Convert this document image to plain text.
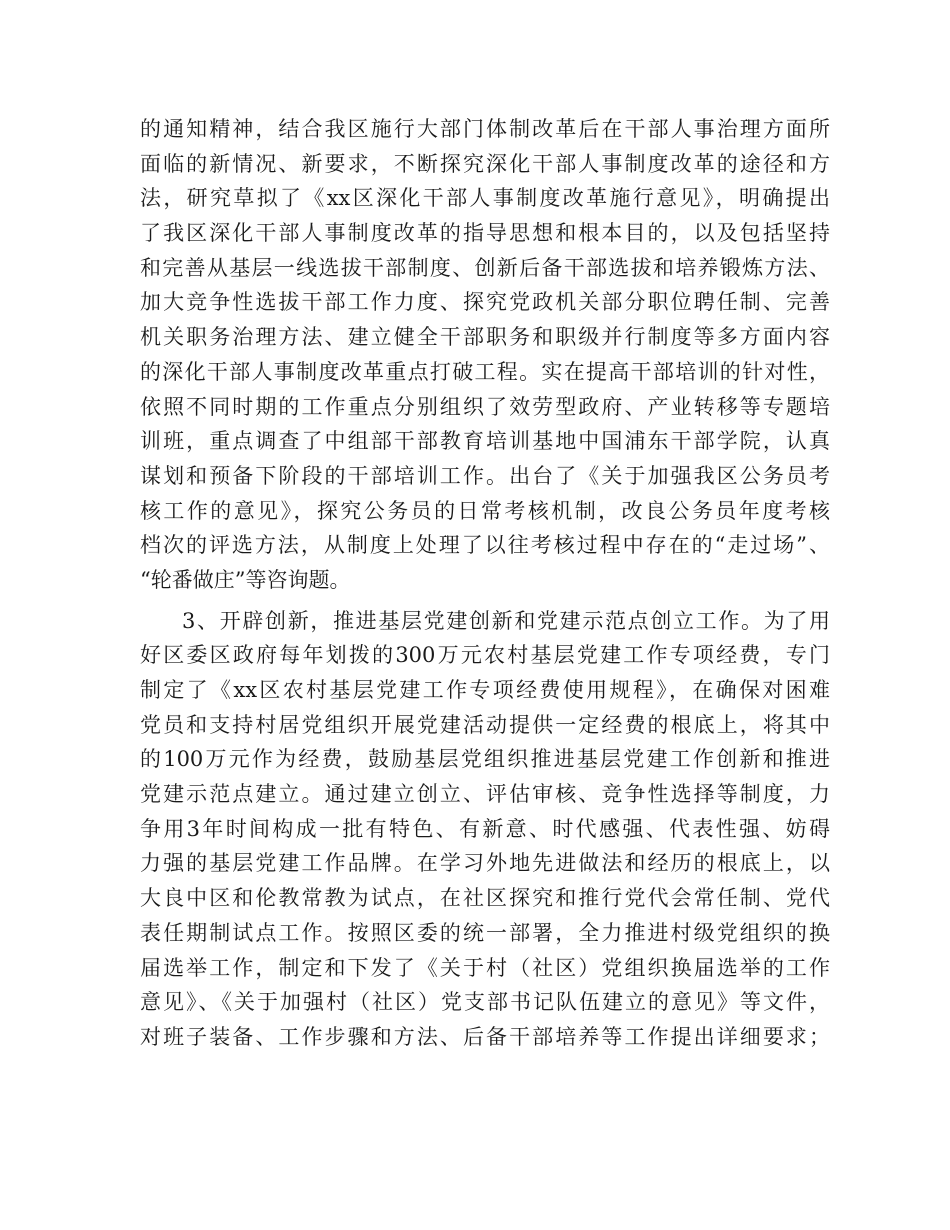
的通知精神，结合我区施行大部门体制改革后在干部人事治理方面所
面临的新情况、新要求，不断探究深化干部人事制度改革的途径和方
法，研究草拟了《xx区深化干部人事制度改革施行意见》，明确提出
了我区深化干部人事制度改革的指导思想和根本目的，以及包括坚持
和完善从基层一线选拔干部制度、创新后备干部选拔和培养锻炼方法、
加大竞争性选拔干部工作力度、探究党政机关部分职位聘任制、完善
机关职务治理方法、建立健全干部职务和职级并行制度等多方面内容
的深化干部人事制度改革重点打破工程。实在提高干部培训的针对性，
依照不同时期的工作重点分别组织了效劳型政府、产业转移等专题培
训班，重点调查了中组部干部教育培训基地中国浦东干部学院，认真
谋划和预备下阶段的干部培训工作。出台了《关于加强我区公务员考
核工作的意见》，探究公务员的日常考核机制，改良公务员年度考核
档次的评选方法，从制度上处理了以往考核过程中存在的“走过场”、
“轮番做庄”等咨询题。
3、开辟创新，推进基层党建创新和党建示范点创立工作。为了用
好区委区政府每年划拨的300万元农村基层党建工作专项经费，专门
制定了《xx区农村基层党建工作专项经费使用规程》，在确保对困难
党员和支持村居党组织开展党建活动提供一定经费的根底上，将其中
的100万元作为经费，鼓励基层党组织推进基层党建工作创新和推进
党建示范点建立。通过建立创立、评估审核、竞争性选择等制度，力
争用3年时间构成一批有特色、有新意、时代感强、代表性强、妨碍
力强的基层党建工作品牌。在学习外地先进做法和经历的根底上，以
大良中区和伦教常教为试点，在社区探究和推行党代会常任制、党代
表任期制试点工作。按照区委的统一部署，全力推进村级党组织的换
届选举工作，制定和下发了《关于村（社区）党组织换届选举的工作
意见》、《关于加强村（社区）党支部书记队伍建立的意见》等文件，
对班子装备、工作步骤和方法、后备干部培养等工作提出详细要求；
